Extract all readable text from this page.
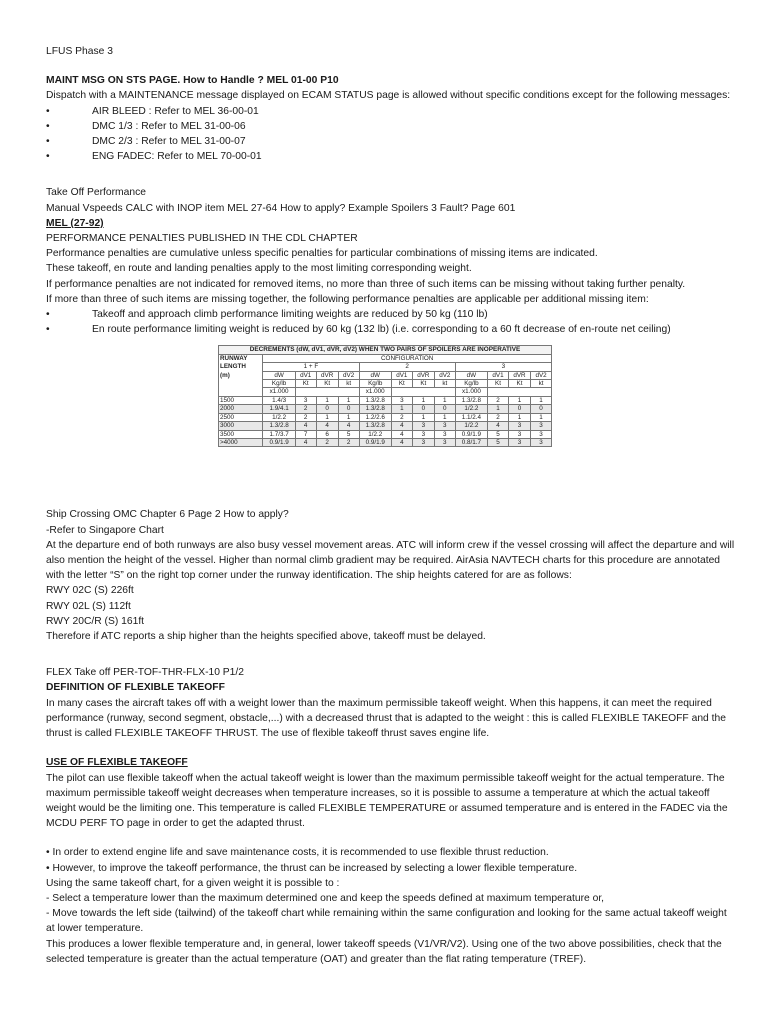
LFUS Phase 3

MAINT MSG ON STS PAGE. How to Handle ? MEL 01-00 P10

Dispatch with a MAINTENANCE message displayed on ECAM STATUS page is allowed without specific conditions except for the following messages:

• AIR BLEED : Refer to MEL 36-00-01
• DMC 1/3 : Refer to MEL 31-00-06
• DMC 2/3 : Refer to MEL 31-00-07
• ENG FADEC: Refer to MEL 70-00-01

Take Off Performance

Manual Vspeeds CALC with INOP item MEL 27-64 How to apply? Example Spoilers 3 Fault? Page 601

MEL (27-92)

PERFORMANCE PENALTIES PUBLISHED IN THE CDL CHAPTER

Performance penalties are cumulative unless specific penalties for particular combinations of missing items are indicated.

These takeoff, en route and landing penalties apply to the most limiting corresponding weight.

If performance penalties are not indicated for removed items, no more than three of such items can be missing without taking further penalty.

If more than three of such items are missing together, the following performance penalties are applicable per additional missing item:

• Takeoff and approach climb performance limiting weights are reduced by 50 kg (110 lb)
• En route performance limiting weight is reduced by 60 kg (132 lb) (i.e. corresponding to a 60 ft decrease of en-route net ceiling)
DECREMENTS (dW, dV1, dVR, dV2) WHEN TWO PAIRS OF SPOILERS ARE INOPERATIVE												
RUNWAY	CONFIGURATION											
LENGTH	1 + F				2				3			
(m)	dW	dV1	dVR	dV2	dW	dV1	dVR	dV2	dW	dV1	dVR	dV2
	Kg/lb	Kt	Kt	kt	Kg/lb	Kt	Kt	kt	Kg/lb	Kt	Kt	kt
	x1.000				x1.000				x1.000			
1500	1.4/3	3	1	1	1.3/2.8	3	1	1	1.3/2.8	2	1	1
2000	1.9/4.1	2	0	0	1.3/2.8	1	0	0	1/2.2	1	0	0
2500	1/2.2	2	1	1	1.2/2.6	2	1	1	1.1/2.4	2	1	1
3000	1.3/2.8	4	4	4	1.3/2.8	4	3	3	1/2.2	4	3	3
3500	1.7/3.7	7	6	5	1/2.2	4	3	3	0.9/1.9	5	3	3
>4000	0.9/1.9	4	2	2	0.9/1.9	4	3	3	0.8/1.7	5	3	3

Ship Crossing OMC Chapter 6 Page 2 How to apply?

-Refer to Singapore Chart

At the departure end of both runways are also busy vessel movement areas. ATC will inform crew if the vessel crossing will affect the departure and will also mention the height of the vessel. Higher than normal climb gradient may be required. AirAsia NAVTECH charts for this procedure are annotated with the letter “S” on the right top corner under the runway identification. The ship heights catered for are as follows:

RWY 02C (S) 226ft

RWY 02L (S) 112ft

RWY 20C/R (S) 161ft

Therefore if ATC reports a ship higher than the heights specified above, takeoff must be delayed.

FLEX Take off PER-TOF-THR-FLX-10 P1/2

DEFINITION OF FLEXIBLE TAKEOFF

In many cases the aircraft takes off with a weight lower than the maximum permissible takeoff weight. When this happens, it can meet the required performance (runway, second segment, obstacle,...) with a decreased thrust that is adapted to the weight : this is called FLEXIBLE TAKEOFF and the thrust is called FLEXIBLE TAKEOFF THRUST. The use of flexible takeoff thrust saves engine life.

USE OF FLEXIBLE TAKEOFF

The pilot can use flexible takeoff when the actual takeoff weight is lower than the maximum permissible takeoff weight for the actual temperature. The maximum permissible takeoff weight decreases when temperature increases, so it is possible to assume a temperature at which the actual takeoff weight would be the limiting one. This temperature is called FLEXIBLE TEMPERATURE or assumed temperature and is entered in the FADEC via the MCDU PERF TO page in order to get the adapted thrust.

• In order to extend engine life and save maintenance costs, it is recommended to use flexible thrust reduction.

• However, to improve the takeoff performance, the thrust can be increased by selecting a lower flexible temperature.

Using the same takeoff chart, for a given weight it is possible to :

- Select a temperature lower than the maximum determined one and keep the speeds defined at maximum temperature or,

- Move towards the left side (tailwind) of the takeoff chart while remaining within the same configuration and looking for the same actual takeoff weight at lower temperature.

This produces a lower flexible temperature and, in general, lower takeoff speeds (V1/VR/V2). Using one of the two above possibilities, check that the selected temperature is greater than the actual temperature (OAT) and greater than the flat rating temperature (TREF).
